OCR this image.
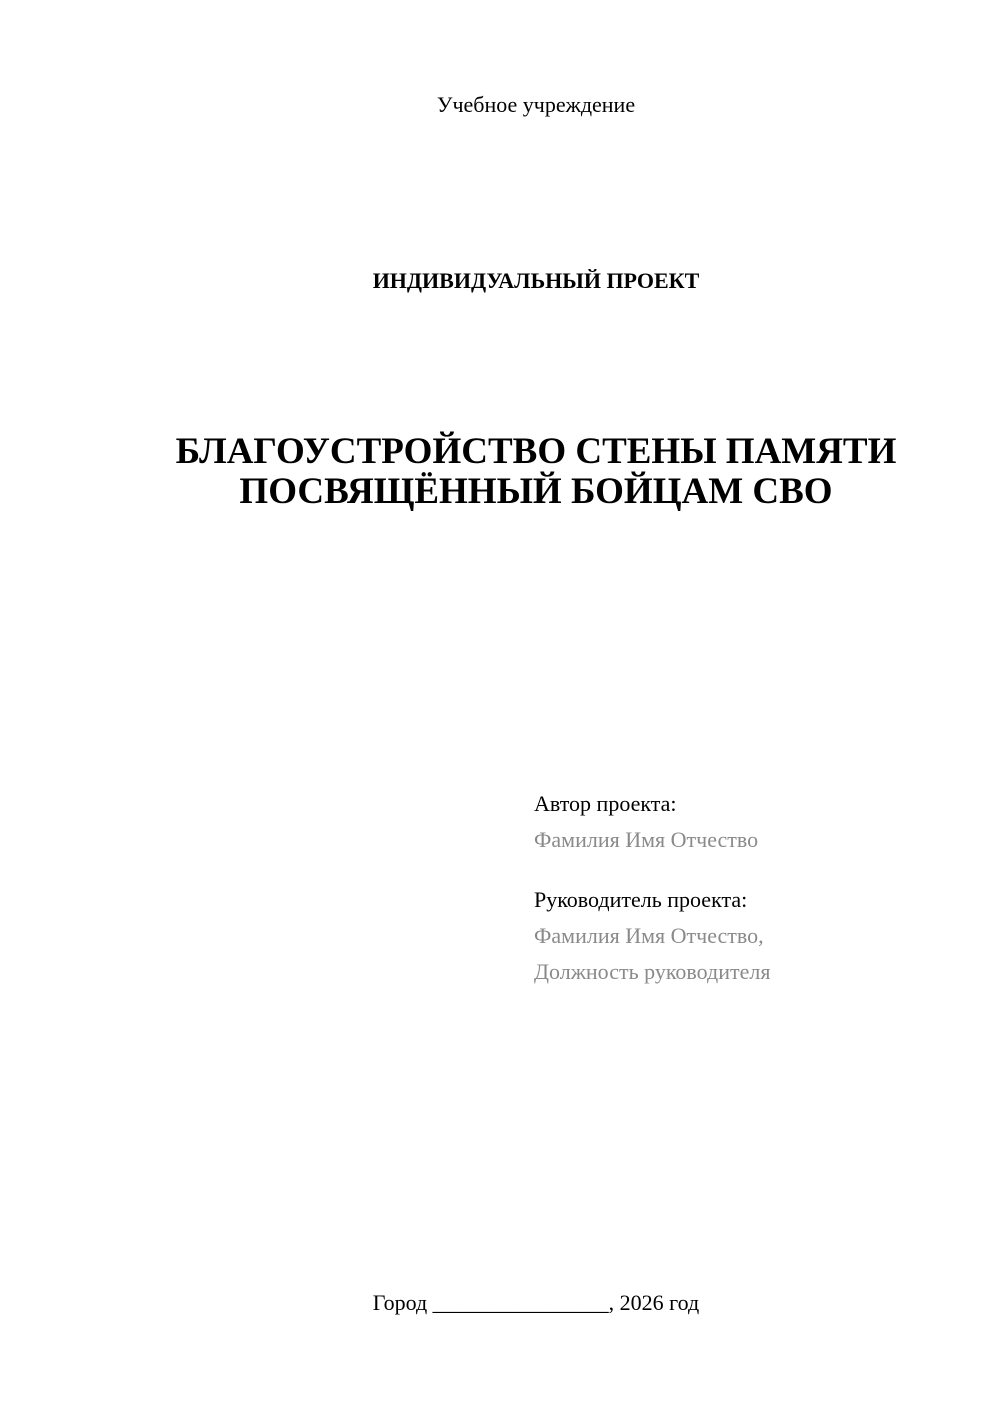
Учебное учреждение
ИНДИВИДУАЛЬНЫЙ ПРОЕКТ
БЛАГОУСТРОЙСТВО СТЕНЫ ПАМЯТИ
ПОСВЯЩЁННЫЙ БОЙЦАМ СВО
Автор проекта:
Фамилия Имя Отчество
Руководитель проекта:
Фамилия Имя Отчество,
Должность руководителя
Город ________________, 2026 год
